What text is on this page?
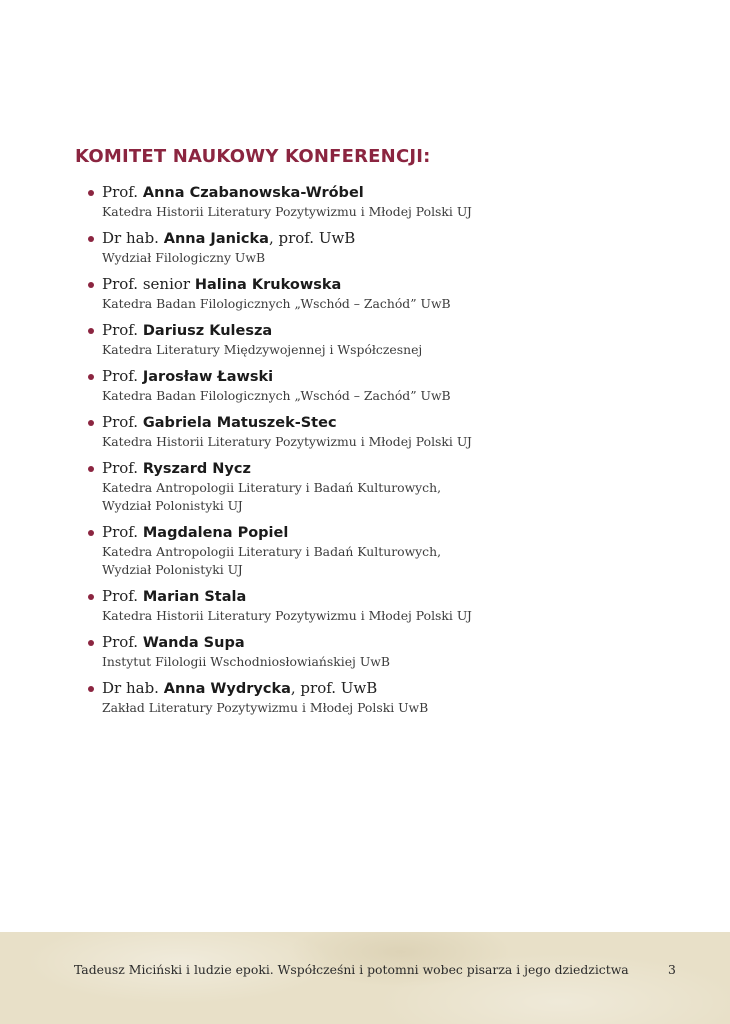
KOMITET NAUKOWY KONFERENCJI:
Prof. Anna Czabanowska-Wróbel
Katedra Historii Literatury Pozytywizmu i Młodej Polski UJ
Dr hab. Anna Janicka, prof. UwB
Wydział Filologiczny UwB
Prof. senior Halina Krukowska
Katedra Badan Filologicznych „Wschód – Zachód” UwB
Prof. Dariusz Kulesza
Katedra Literatury Międzywojennej i Współczesnej
Prof. Jarosław Ławski
Katedra Badan Filologicznych „Wschód – Zachód” UwB
Prof. Gabriela Matuszek-Stec
Katedra Historii Literatury Pozytywizmu i Młodej Polski UJ
Prof. Ryszard Nycz
Katedra Antropologii Literatury i Badań Kulturowych,
Wydział Polonistyki UJ
Prof. Magdalena Popiel
Katedra Antropologii Literatury i Badań Kulturowych,
Wydział Polonistyki UJ
Prof. Marian Stala
Katedra Historii Literatury Pozytywizmu i Młodej Polski UJ
Prof. Wanda Supa
Instytut Filologii Wschodniosłowiańskiej UwB
Dr hab. Anna Wydrycka, prof. UwB
Zakład Literatury Pozytywizmu i Młodej Polski UwB
Tadeusz Miciński i ludzie epoki. Współcześni i potomni wobec pisarza i jego dziedzictwa	3
